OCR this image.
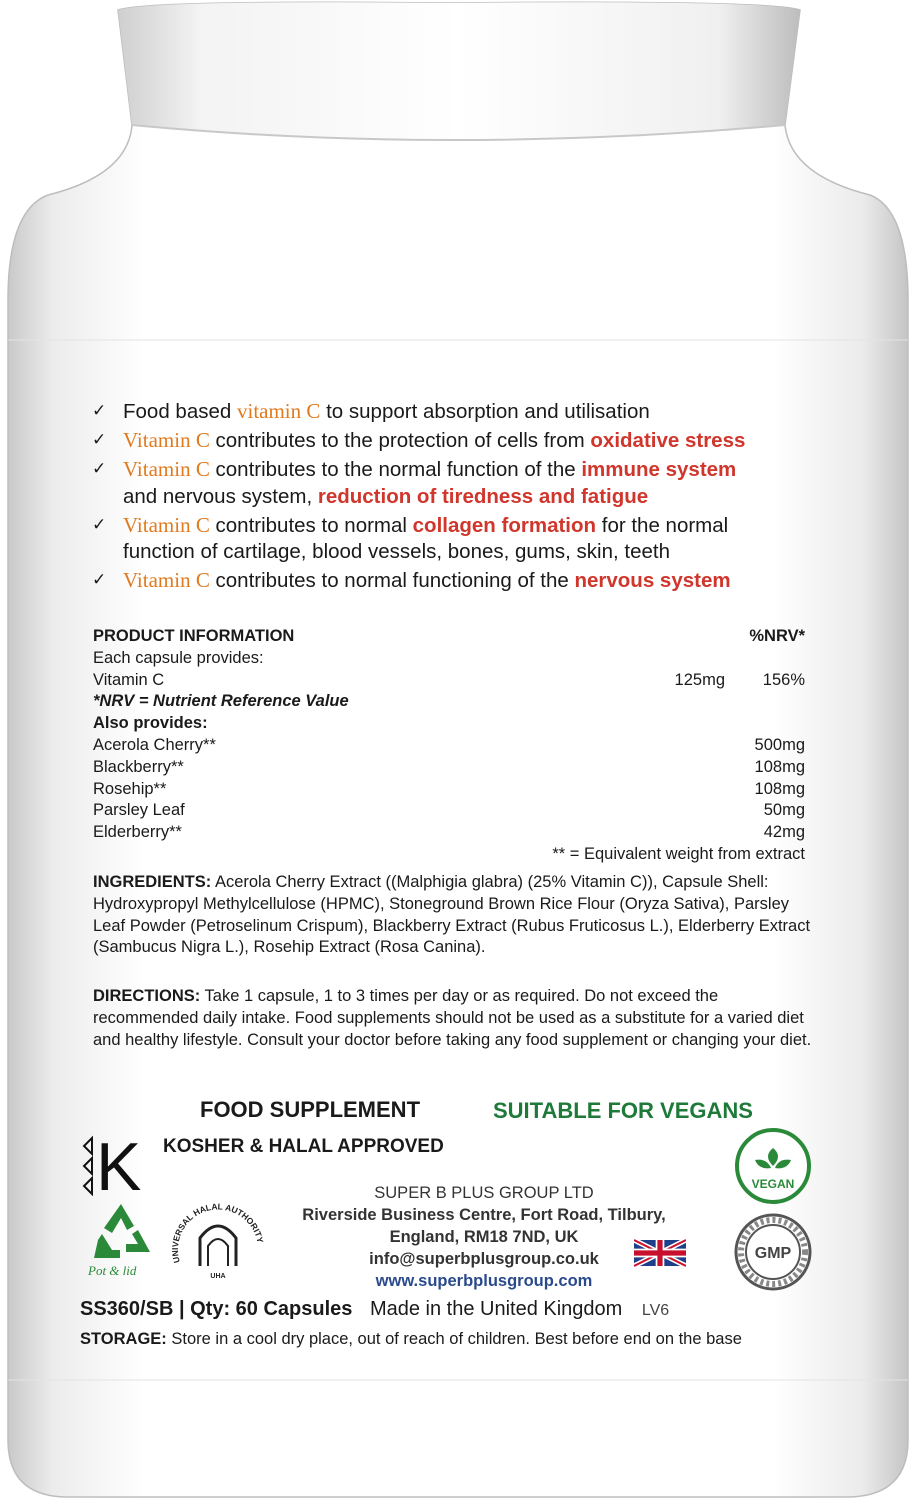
✓ Food based vitamin C to support absorption and utilisation
✓ Vitamin C contributes to the protection of cells from oxidative stress
✓ Vitamin C contributes to the normal function of the immune system
and nervous system, reduction of tiredness and fatigue
✓ Vitamin C contributes to normal collagen formation for the normal
function of cartilage, blood vessels, bones, gums, skin, teeth
✓ Vitamin C contributes to normal functioning of the nervous system
PRODUCT INFORMATION	%NRV*
Each capsule provides:
Vitamin C	125mg	156%
*NRV = Nutrient Reference Value
Also provides:
Acerola Cherry**	500mg
Blackberry**	108mg
Rosehip**	108mg
Parsley Leaf	50mg
Elderberry**	42mg
** = Equivalent weight from extract
INGREDIENTS: Acerola Cherry Extract ((Malphigia glabra) (25% Vitamin C)), Capsule Shell: Hydroxypropyl Methylcellulose (HPMC), Stoneground Brown Rice Flour (Oryza Sativa), Parsley Leaf Powder (Petroselinum Crispum), Blackberry Extract (Rubus Fruticosus L.), Elderberry Extract (Sambucus Nigra L.), Rosehip Extract (Rosa Canina).
DIRECTIONS: Take 1 capsule, 1 to 3 times per day or as required. Do not exceed the recommended daily intake. Food supplements should not be used as a substitute for a varied diet and healthy lifestyle. Consult your doctor before taking any food supplement or changing your diet.
FOOD SUPPLEMENT	SUITABLE FOR VEGANS
KOSHER & HALAL APPROVED
K
Pot & lid
UNIVERSAL HALAL AUTHORITY
UHA
SUPER B PLUS GROUP LTD
Riverside Business Centre, Fort Road, Tilbury,
England, RM18 7ND, UK
info@superbplusgroup.co.uk
www.superbplusgroup.com
VEGAN
GMP
SS360/SB | Qty: 60 Capsules Made in the United Kingdom LV6
STORAGE: Store in a cool dry place, out of reach of children. Best before end on the base
